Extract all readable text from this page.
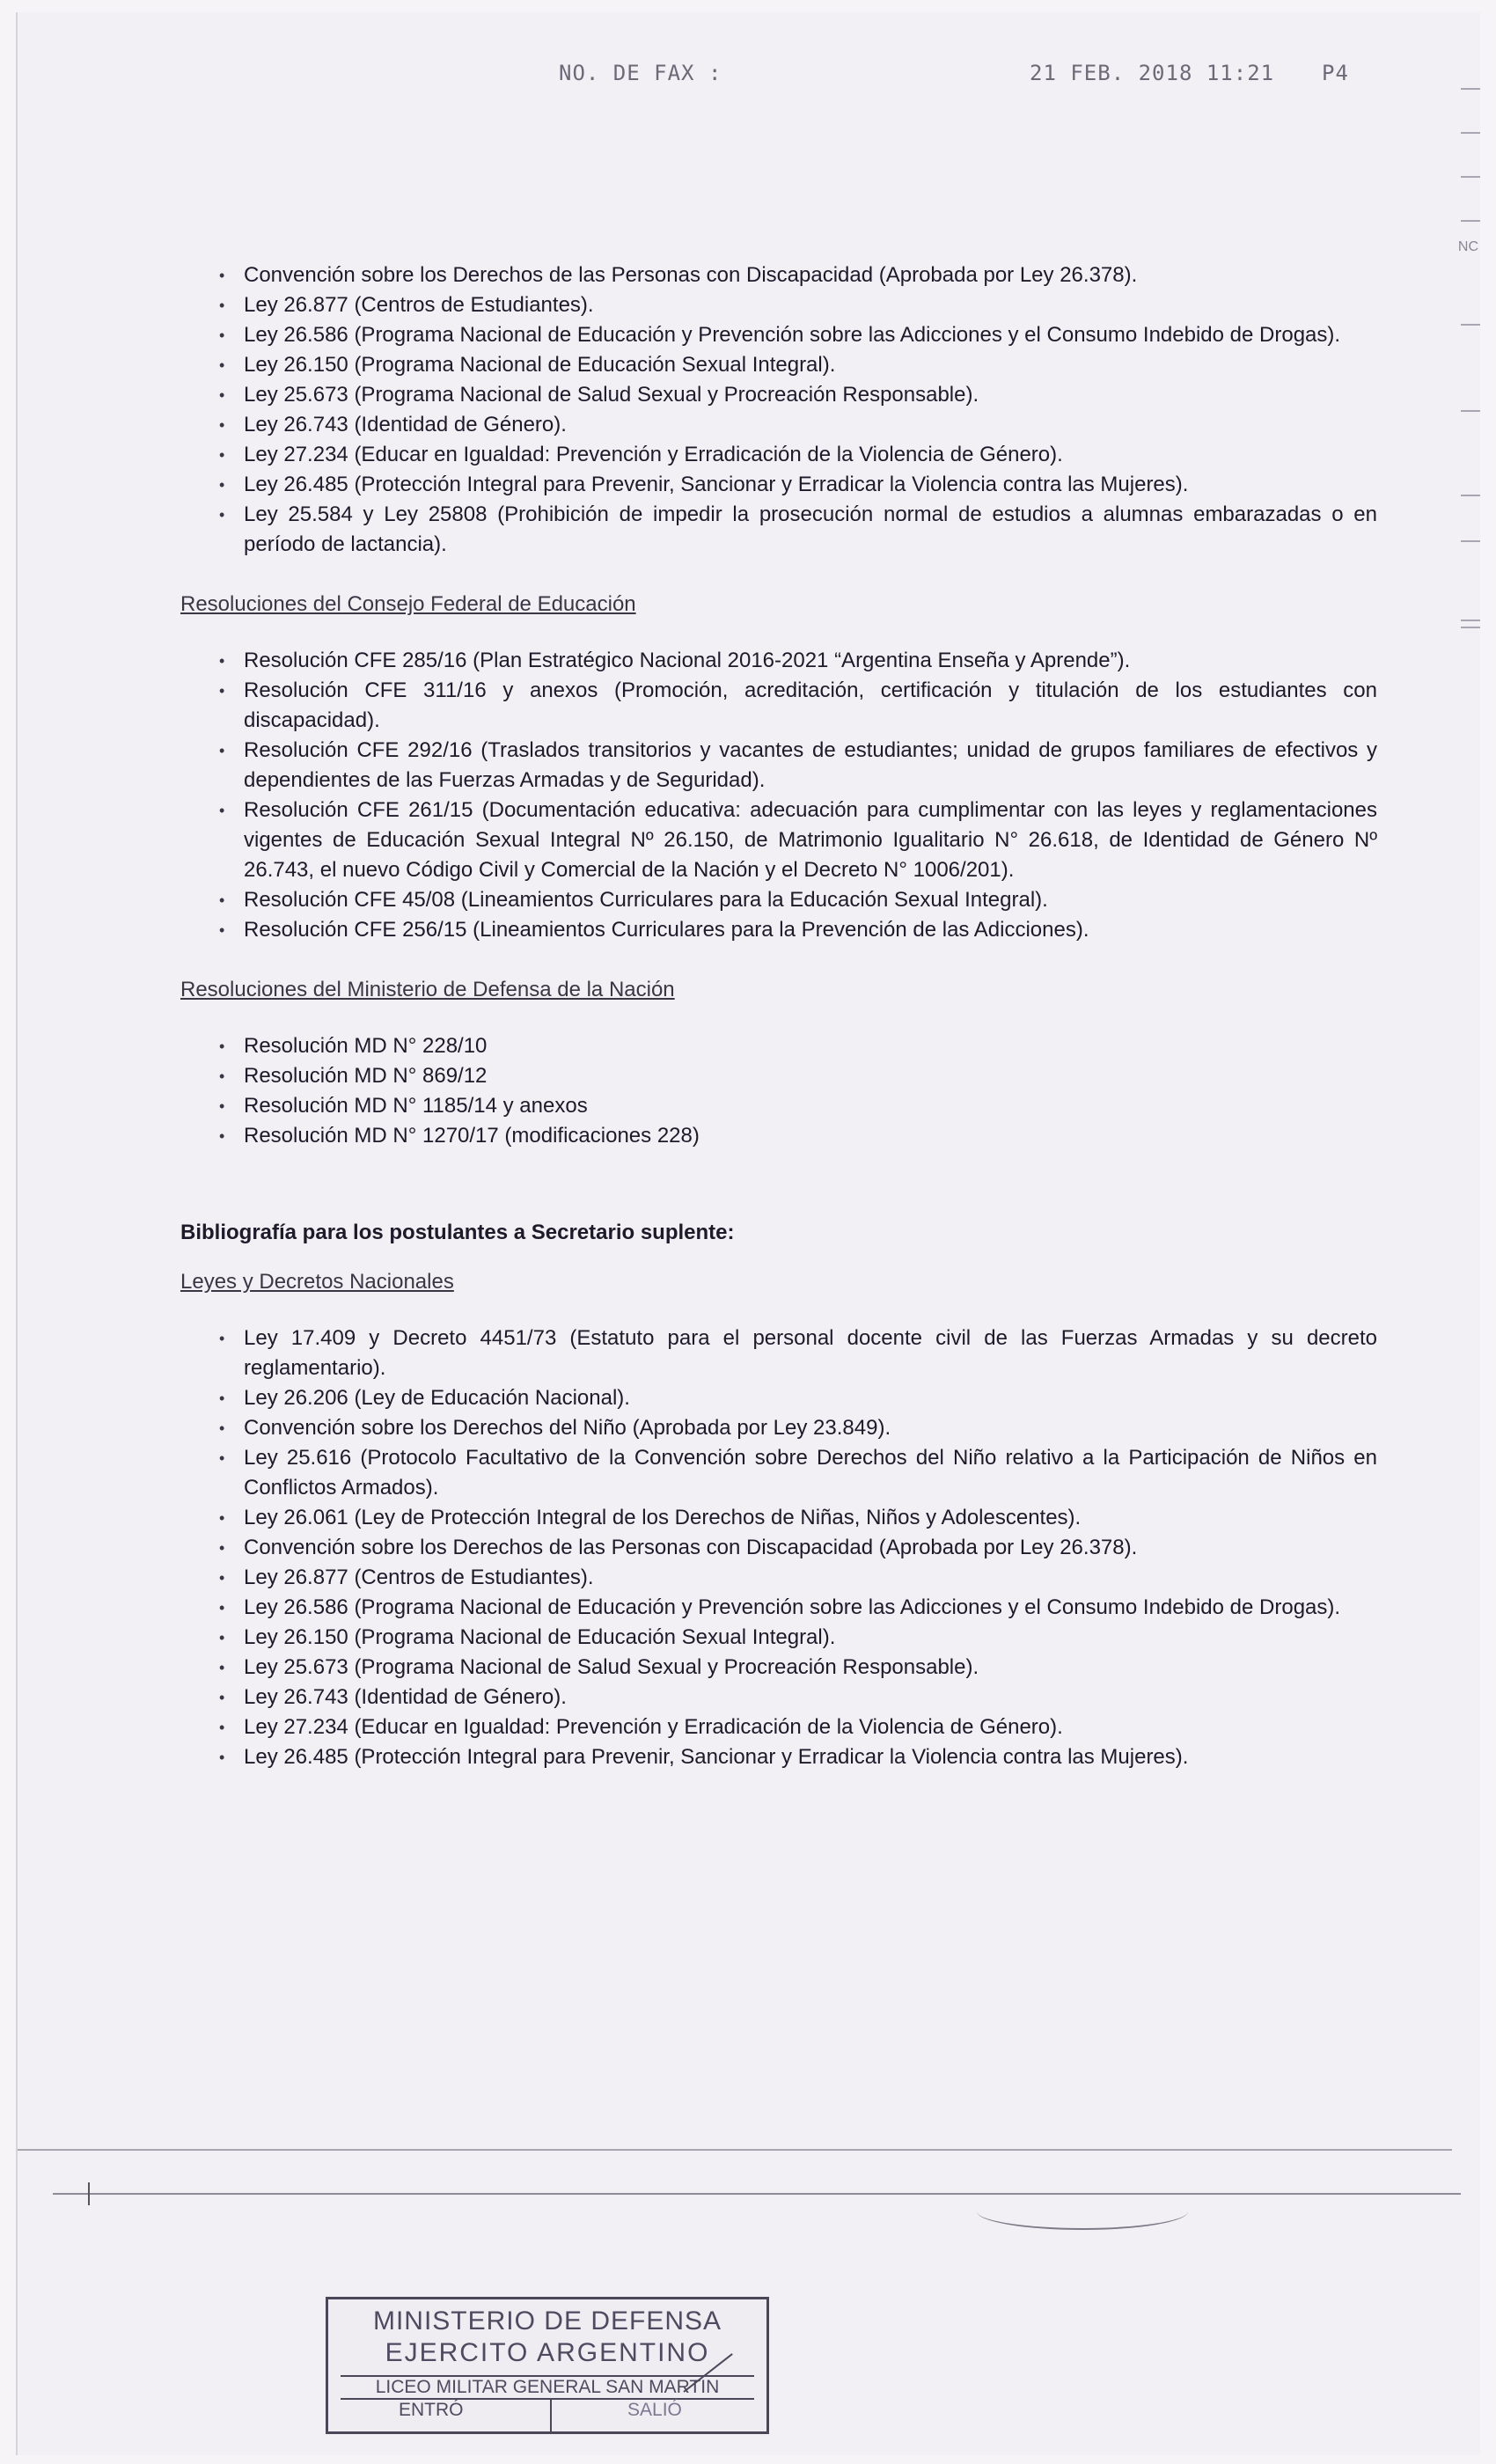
NO. DE FAX :	21 FEB. 2018 11:21 P4
NC
• Convención sobre los Derechos de las Personas con Discapacidad (Aprobada por Ley 26.378).
• Ley 26.877 (Centros de Estudiantes).
• Ley 26.586 (Programa Nacional de Educación y Prevención sobre las Adicciones y el Consumo Indebido de Drogas).
• Ley 26.150 (Programa Nacional de Educación Sexual Integral).
• Ley 25.673 (Programa Nacional de Salud Sexual y Procreación Responsable).
• Ley 26.743 (Identidad de Género).
• Ley 27.234 (Educar en Igualdad: Prevención y Erradicación de la Violencia de Género).
• Ley 26.485 (Protección Integral para Prevenir, Sancionar y Erradicar la Violencia contra las Mujeres).
• Ley 25.584 y Ley 25808 (Prohibición de impedir la prosecución normal de estudios a alumnas embarazadas o en período de lactancia).
Resoluciones del Consejo Federal de Educación
• Resolución CFE 285/16 (Plan Estratégico Nacional 2016-2021 “Argentina Enseña y Aprende”).
• Resolución CFE 311/16 y anexos (Promoción, acreditación, certificación y titulación de los estudiantes con discapacidad).
• Resolución CFE 292/16 (Traslados transitorios y vacantes de estudiantes; unidad de grupos familiares de efectivos y dependientes de las Fuerzas Armadas y de Seguridad).
• Resolución CFE 261/15 (Documentación educativa: adecuación para cumplimentar con las leyes y reglamentaciones vigentes de Educación Sexual Integral Nº 26.150, de Matrimonio Igualitario N° 26.618, de Identidad de Género Nº 26.743, el nuevo Código Civil y Comercial de la Nación y el Decreto N° 1006/201).
• Resolución CFE 45/08 (Lineamientos Curriculares para la Educación Sexual Integral).
• Resolución CFE 256/15 (Lineamientos Curriculares para la Prevención de las Adicciones).
Resoluciones del Ministerio de Defensa de la Nación
• Resolución MD N° 228/10
• Resolución MD N° 869/12
• Resolución MD N° 1185/14 y anexos
• Resolución MD N° 1270/17 (modificaciones 228)
Bibliografía para los postulantes a Secretario suplente:
Leyes y Decretos Nacionales
• Ley 17.409 y Decreto 4451/73 (Estatuto para el personal docente civil de las Fuerzas Armadas y su decreto reglamentario).
• Ley 26.206 (Ley de Educación Nacional).
• Convención sobre los Derechos del Niño (Aprobada por Ley 23.849).
• Ley 25.616 (Protocolo Facultativo de la Convención sobre Derechos del Niño relativo a la Participación de Niños en Conflictos Armados).
• Ley 26.061 (Ley de Protección Integral de los Derechos de Niñas, Niños y Adolescentes).
• Convención sobre los Derechos de las Personas con Discapacidad (Aprobada por Ley 26.378).
• Ley 26.877 (Centros de Estudiantes).
• Ley 26.586 (Programa Nacional de Educación y Prevención sobre las Adicciones y el Consumo Indebido de Drogas).
• Ley 26.150 (Programa Nacional de Educación Sexual Integral).
• Ley 25.673 (Programa Nacional de Salud Sexual y Procreación Responsable).
• Ley 26.743 (Identidad de Género).
• Ley 27.234 (Educar en Igualdad: Prevención y Erradicación de la Violencia de Género).
• Ley 26.485 (Protección Integral para Prevenir, Sancionar y Erradicar la Violencia contra las Mujeres).
MINISTERIO DE DEFENSA
EJERCITO ARGENTINO
LICEO MILITAR GENERAL SAN MARTIN
ENTRÓ	SALIÓ
